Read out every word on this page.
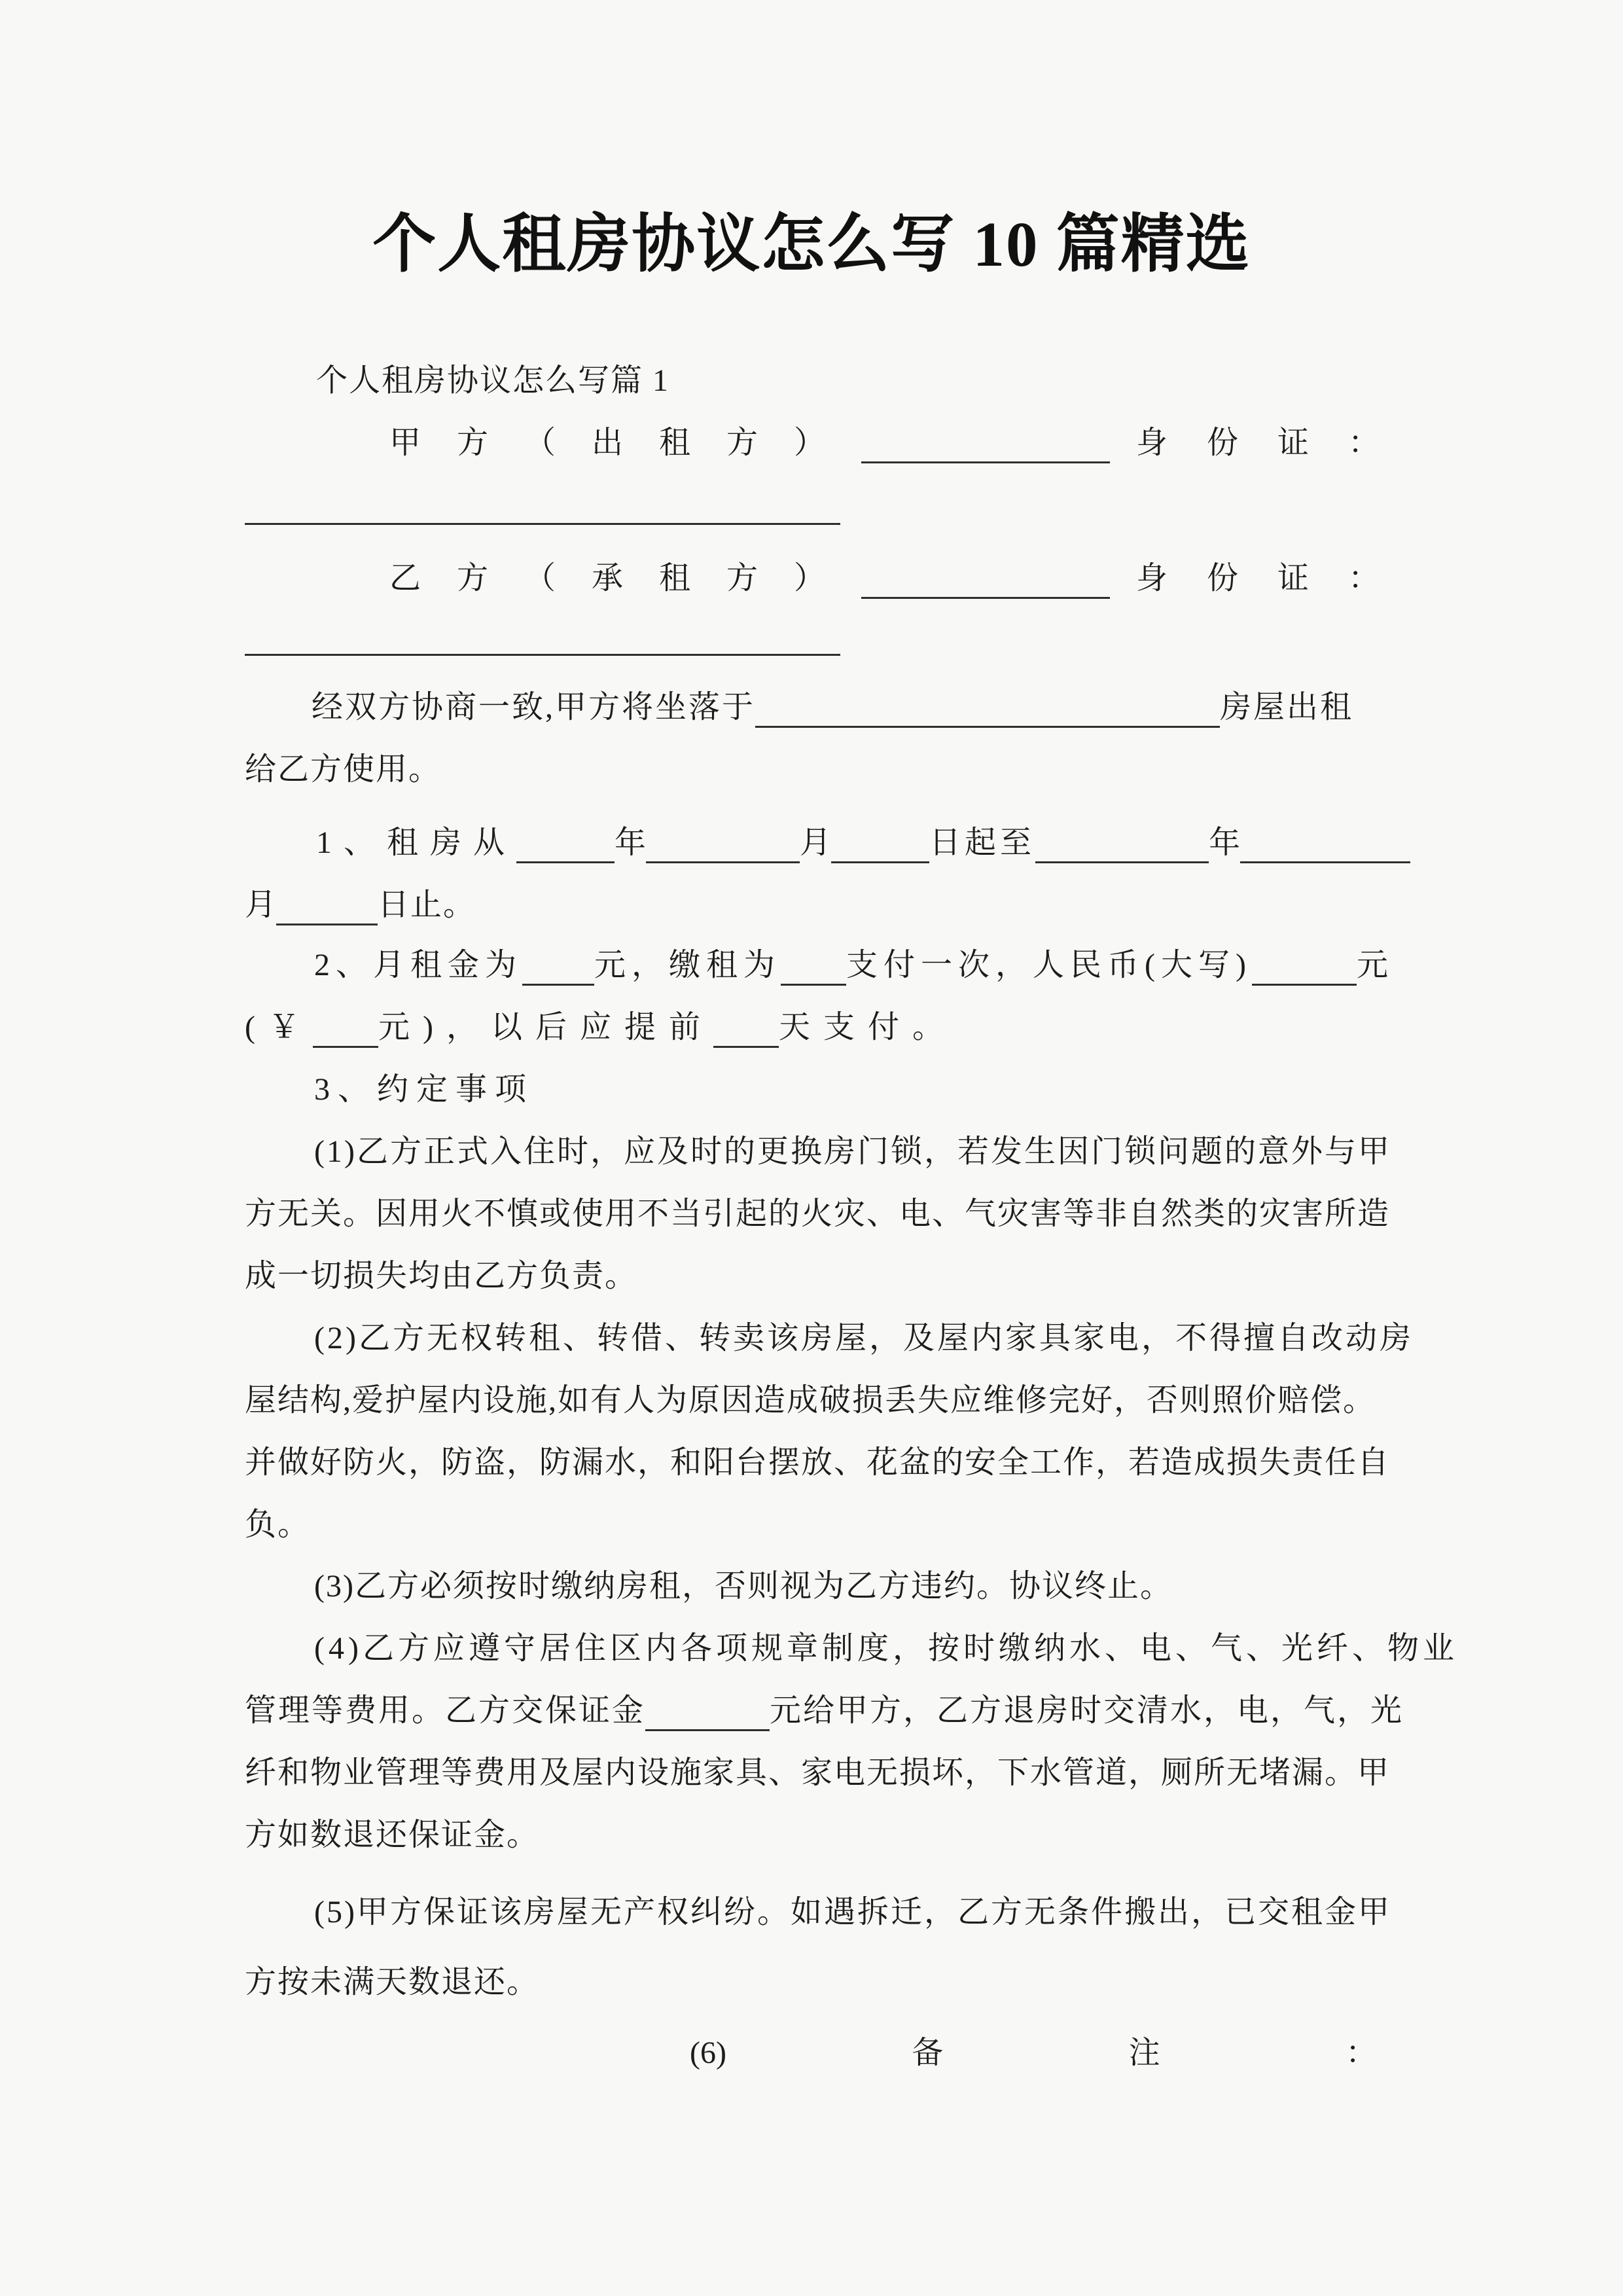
个人租房协议怎么写 10 篇精选
个人租房协议怎么写篇 1
甲方（出租方）	身份证：
乙方（承租方）	身份证：
经双方协商一致,甲方将坐落于	房屋出租
给乙方使用。
1、租房从	年	月	日起至	年
月	日止。
2、月租金为 元，缴租为 支付一次，人民币(大写)	元
(￥ 元)，以后应提前 天支付。
3、约定事项
(1)乙方正式入住时，应及时的更换房门锁，若发生因门锁问题的意外与甲
方无关。因用火不慎或使用不当引起的火灾、电、气灾害等非自然类的灾害所造
成一切损失均由乙方负责。
(2)乙方无权转租、转借、转卖该房屋，及屋内家具家电，不得擅自改动房
屋结构,爱护屋内设施,如有人为原因造成破损丢失应维修完好，否则照价赔偿。
并做好防火，防盗，防漏水，和阳台摆放、花盆的安全工作，若造成损失责任自
负。
(3)乙方必须按时缴纳房租，否则视为乙方违约。协议终止。
(4)乙方应遵守居住区内各项规章制度，按时缴纳水、电、气、光纤、物业
管理等费用。乙方交保证金	元给甲方，乙方退房时交清水，电，气，光
纤和物业管理等费用及屋内设施家具、家电无损坏，下水管道，厕所无堵漏。甲
方如数退还保证金。
(5)甲方保证该房屋无产权纠纷。如遇拆迁，乙方无条件搬出，已交租金甲
方按未满天数退还。
(6)	备	注	：
